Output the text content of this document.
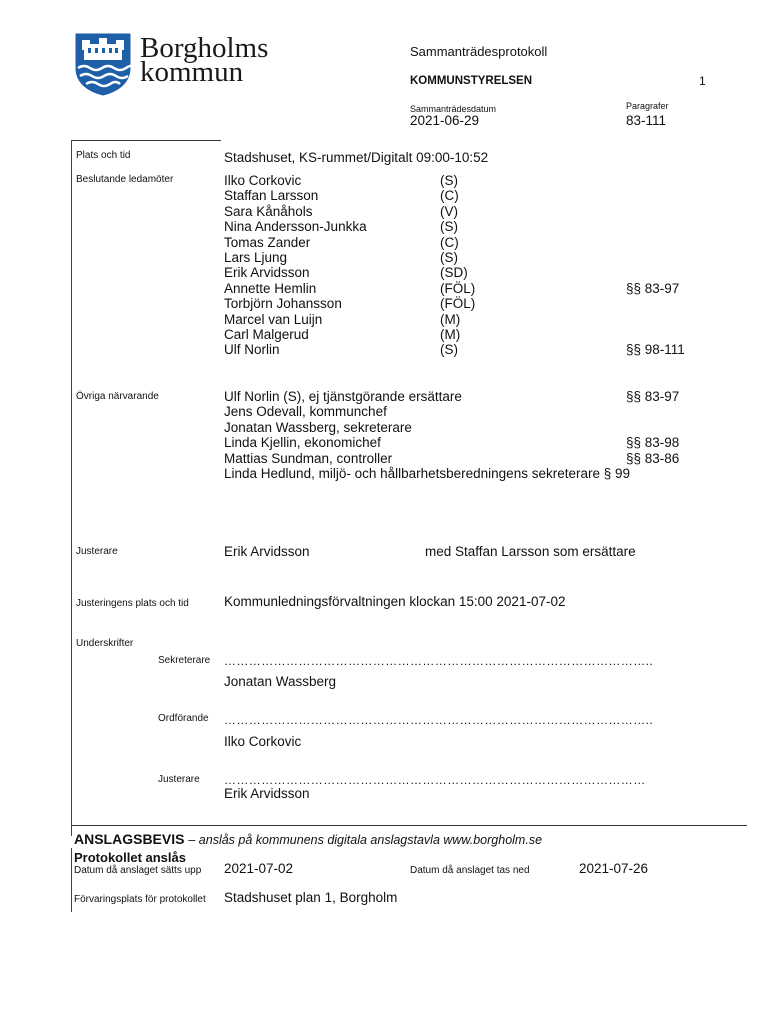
Borgholms
kommun
Sammanträdesprotokoll
KOMMUNSTYRELSEN	1
Sammanträdesdatum
2021-06-29
Paragrafer
83-111
Plats och tid	Stadshuset, KS-rummet/Digitalt 09:00-10:52
Beslutande ledamöter	Ilko Corkovic	(S)
Staffan Larsson	(C)
Sara Kånåhols	(V)
Nina Andersson-Junkka	(S)
Tomas Zander	(C)
Lars Ljung	(S)
Erik Arvidsson	(SD)
Annette Hemlin	(FÖL)	§§ 83-97
Torbjörn Johansson	(FÖL)
Marcel van Luijn	(M)
Carl Malgerud	(M)
Ulf Norlin	(S)	§§ 98-111
Övriga närvarande	Ulf Norlin (S), ej tjänstgörande ersättare	§§ 83-97
Jens Odevall, kommunchef
Jonatan Wassberg, sekreterare
Linda Kjellin, ekonomichef	§§ 83-98
Mattias Sundman, controller	§§ 83-86
Linda Hedlund, miljö- och hållbarhetsberedningens sekreterare § 99
Justerare	Erik Arvidsson	med Staffan Larsson som ersättare
Justeringens plats och tid	Kommunledningsförvaltningen klockan 15:00 2021-07-02
Underskrifter
Sekreterare …………………………………………………………………………………………..
Jonatan Wassberg
Ordförande …………………………………………………………………………………………..
Ilko Corkovic
Justerare …………………………………………………………………………………………
Erik Arvidsson
ANSLAGSBEVIS – anslås på kommunens digitala anslagstavla www.borgholm.se
Protokollet anslås
Datum då anslaget sätts upp 2021-07-02	Datum då anslaget tas ned	2021-07-26
Förvaringsplats för protokollet Stadshuset plan 1, Borgholm
